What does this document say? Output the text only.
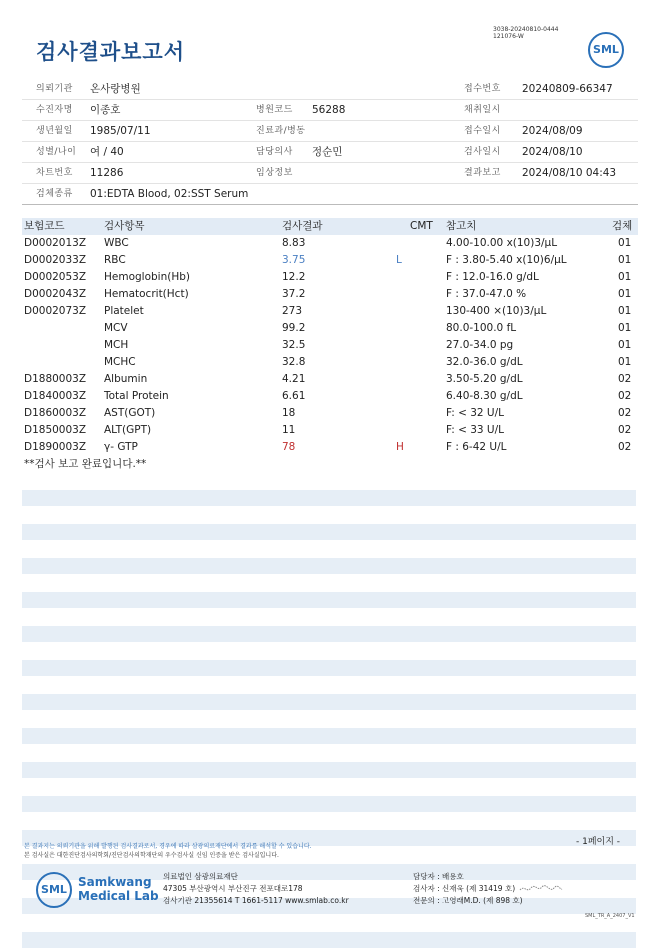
검사결과보고서
3038-20240810-0444
121076-W
SML
의뢰기관 온사랑병원	접수번호 20240809-66347
수진자명 이종호	병원코드 56288	채취일시
생년월일 1985/07/11	진료과/병동	접수일시 2024/08/09
성별/나이 여 / 40	담당의사 정순민	검사일시 2024/08/10
차트번호 11286	임상정보	결과보고 2024/08/10 04:43
검체종류 01:EDTA Blood, 02:SST Serum
보험코드	검사항목	검사결과	CMT 참고치	검체
D0002013Z WBC	8.83	4.00-10.00 x(10)3/μL	01
D0002033Z RBC	3.75	L	F : 3.80-5.40 x(10)6/μL	01
D0002053Z Hemoglobin(Hb)	12.2	F : 12.0-16.0 g/dL	01
D0002043Z Hematocrit(Hct)	37.2	F : 37.0-47.0 %	01
D0002073Z Platelet	273	130-400 ×(10)3/μL	01
MCV	99.2	80.0-100.0 fL	01
MCH	32.5	27.0-34.0 pg	01
MCHC	32.8	32.0-36.0 g/dL	01
D1880003Z Albumin	4.21	3.50-5.20 g/dL	02
D1840003Z Total Protein	6.61	6.40-8.30 g/dL	02
D1860003Z AST(GOT)	18	F: < 32 U/L	02
D1850003Z ALT(GPT)	11	F: < 33 U/L	02
D1890003Z γ- GTP	78	H	F : 6-42 U/L	02
**검사 보고 완료입니다.**
본 결과지는 의뢰기관을 위해 발행된 검사결과로서, 경우에 따라 삼광의료재단에서 결과를 해석할 수 있습니다.
본 검사실은 대한진단검사의학회/진단검사의학재단의 우수검사실 신임 인증을 받은 검사실입니다.
- 1페이지 -
SML
Samkwang
Medical Lab
의료법인 삼광의료재단
47305 부산광역시 부산진구 전포대로178
검사기관 21355614 T 1661-5117 www.smlab.co.kr
담당자 : 배용호
검사자 : 신재욱 (제 31419 호)
전문의 : 고영래M.D. (제 898 호)
SML_TR_A_2407_V1
